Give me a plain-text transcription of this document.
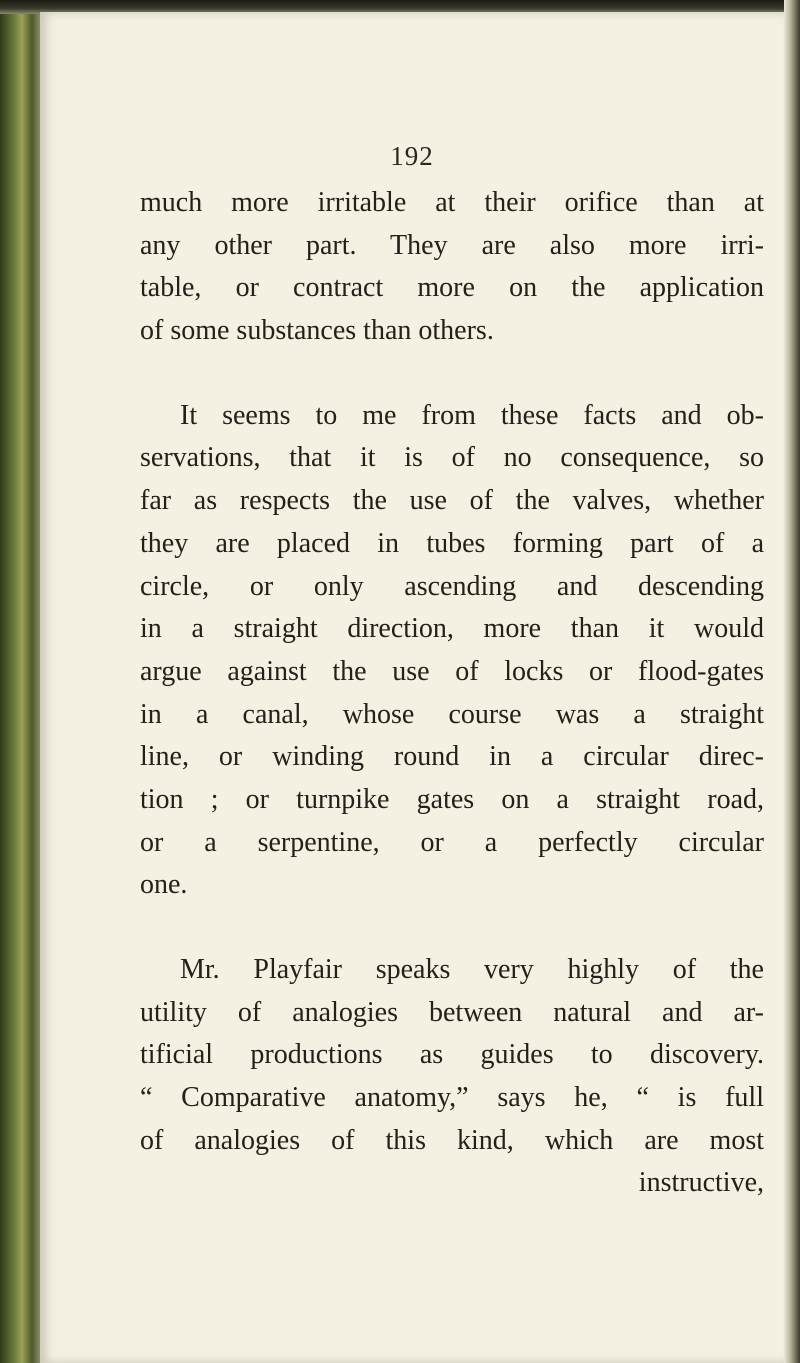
192
much more irritable at their orifice than at
any other part. They are also more irri-
table, or contract more on the application
of some substances than others.
It seems to me from these facts and ob-
servations, that it is of no consequence, so
far as respects the use of the valves, whether
they are placed in tubes forming part of a
circle, or only ascending and descending
in a straight direction, more than it would
argue against the use of locks or flood-gates
in a canal, whose course was a straight
line, or winding round in a circular direc-
tion ; or turnpike gates on a straight road,
or a serpentine, or a perfectly circular
one.
Mr. Playfair speaks very highly of the
utility of analogies between natural and ar-
tificial productions as guides to discovery.
“ Comparative anatomy,” says he, “ is full
of analogies of this kind, which are most
instructive,
